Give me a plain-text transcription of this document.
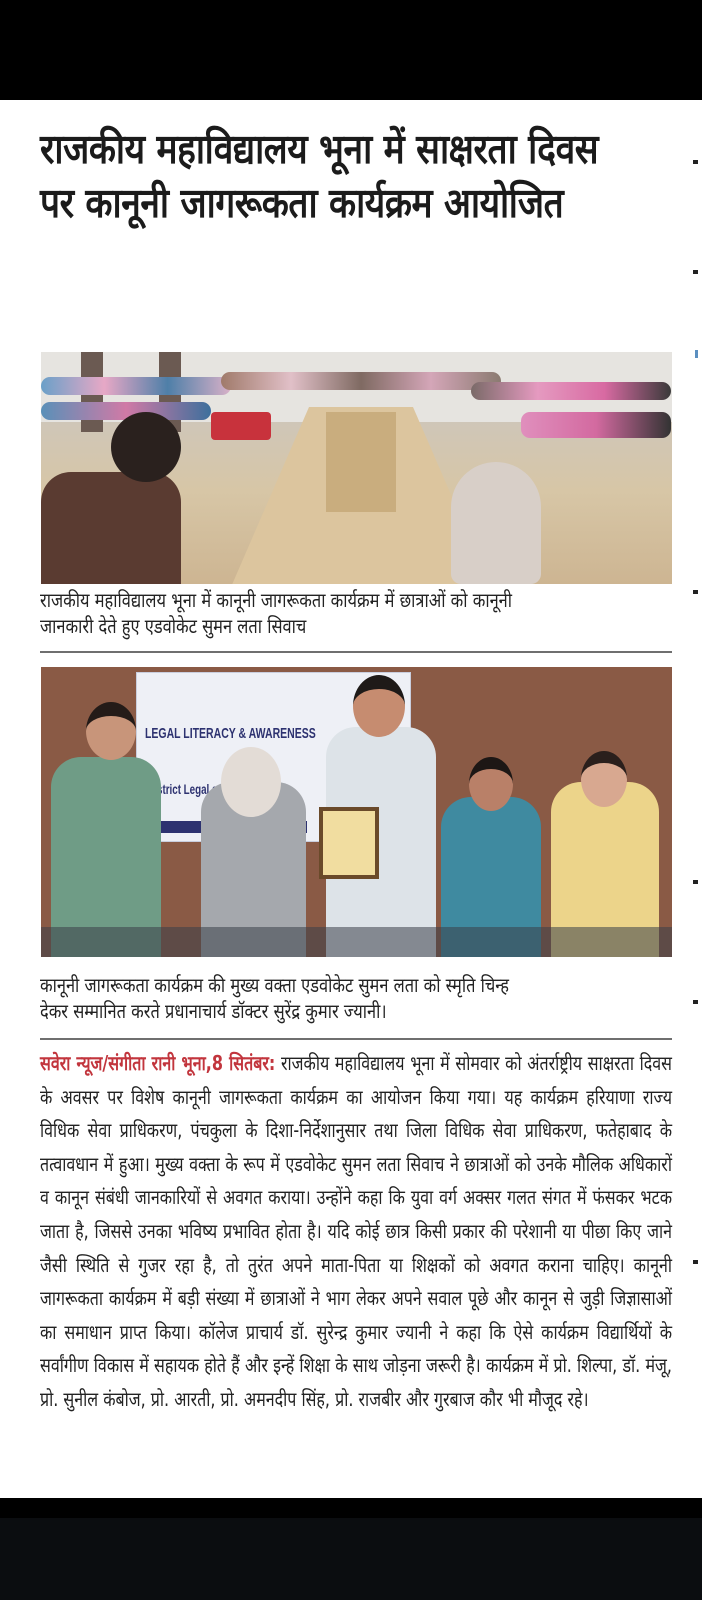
राजकीय महाविद्यालय भूना में साक्षरता दिवस
पर कानूनी जागरूकता कार्यक्रम आयोजित
राजकीय महाविद्यालय भूना में कानूनी जागरूकता कार्यक्रम में छात्राओं को कानूनी
जानकारी देते हुए एडवोकेट सुमन लता सिवाच
LEGAL LITERACY & AWARENESS
strict Legal
कानूनी जागरूकता कार्यक्रम की मुख्य वक्ता एडवोकेट सुमन लता को स्मृति चिन्ह
देकर सम्मानित करते प्रधानाचार्य डॉक्टर सुरेंद्र कुमार ज्यानी।

सवेरा न्यूज/संगीता रानी भूना,8 सितंबर: राजकीय महाविद्यालय भूना में सोमवार को अंतर्राष्ट्रीय साक्षरता दिवस के अवसर पर विशेष कानूनी जागरूकता कार्यक्रम का आयोजन किया गया। यह कार्यक्रम हरियाणा राज्य विधिक सेवा प्राधिकरण, पंचकुला के दिशा-निर्देशानुसार तथा जिला विधिक सेवा प्राधिकरण, फतेहाबाद के तत्वावधान में हुआ। मुख्य वक्ता के रूप में एडवोकेट सुमन लता सिवाच ने छात्राओं को उनके मौलिक अधिकारों व कानून संबंधी जानकारियों से अवगत कराया। उन्होंने कहा कि युवा वर्ग अक्सर गलत संगत में फंसकर भटक जाता है, जिससे उनका भविष्य प्रभावित होता है। यदि कोई छात्र किसी प्रकार की परेशानी या पीछा किए जाने जैसी स्थिति से गुजर रहा है, तो तुरंत अपने माता-पिता या शिक्षकों को अवगत कराना चाहिए। कानूनी जागरूकता कार्यक्रम में बड़ी संख्या में छात्राओं ने भाग लेकर अपने सवाल पूछे और कानून से जुड़ी जिज्ञासाओं का समाधान प्राप्त किया। कॉलेज प्राचार्य डॉ. सुरेन्द्र कुमार ज्यानी ने कहा कि ऐसे कार्यक्रम विद्यार्थियों के सर्वांगीण विकास में सहायक होते हैं और इन्हें शिक्षा के साथ जोड़ना जरूरी है। कार्यक्रम में प्रो. शिल्पा, डॉ. मंजू, प्रो. सुनील कंबोज, प्रो. आरती, प्रो. अमनदीप सिंह, प्रो. राजबीर और गुरबाज कौर भी मौजूद रहे।
